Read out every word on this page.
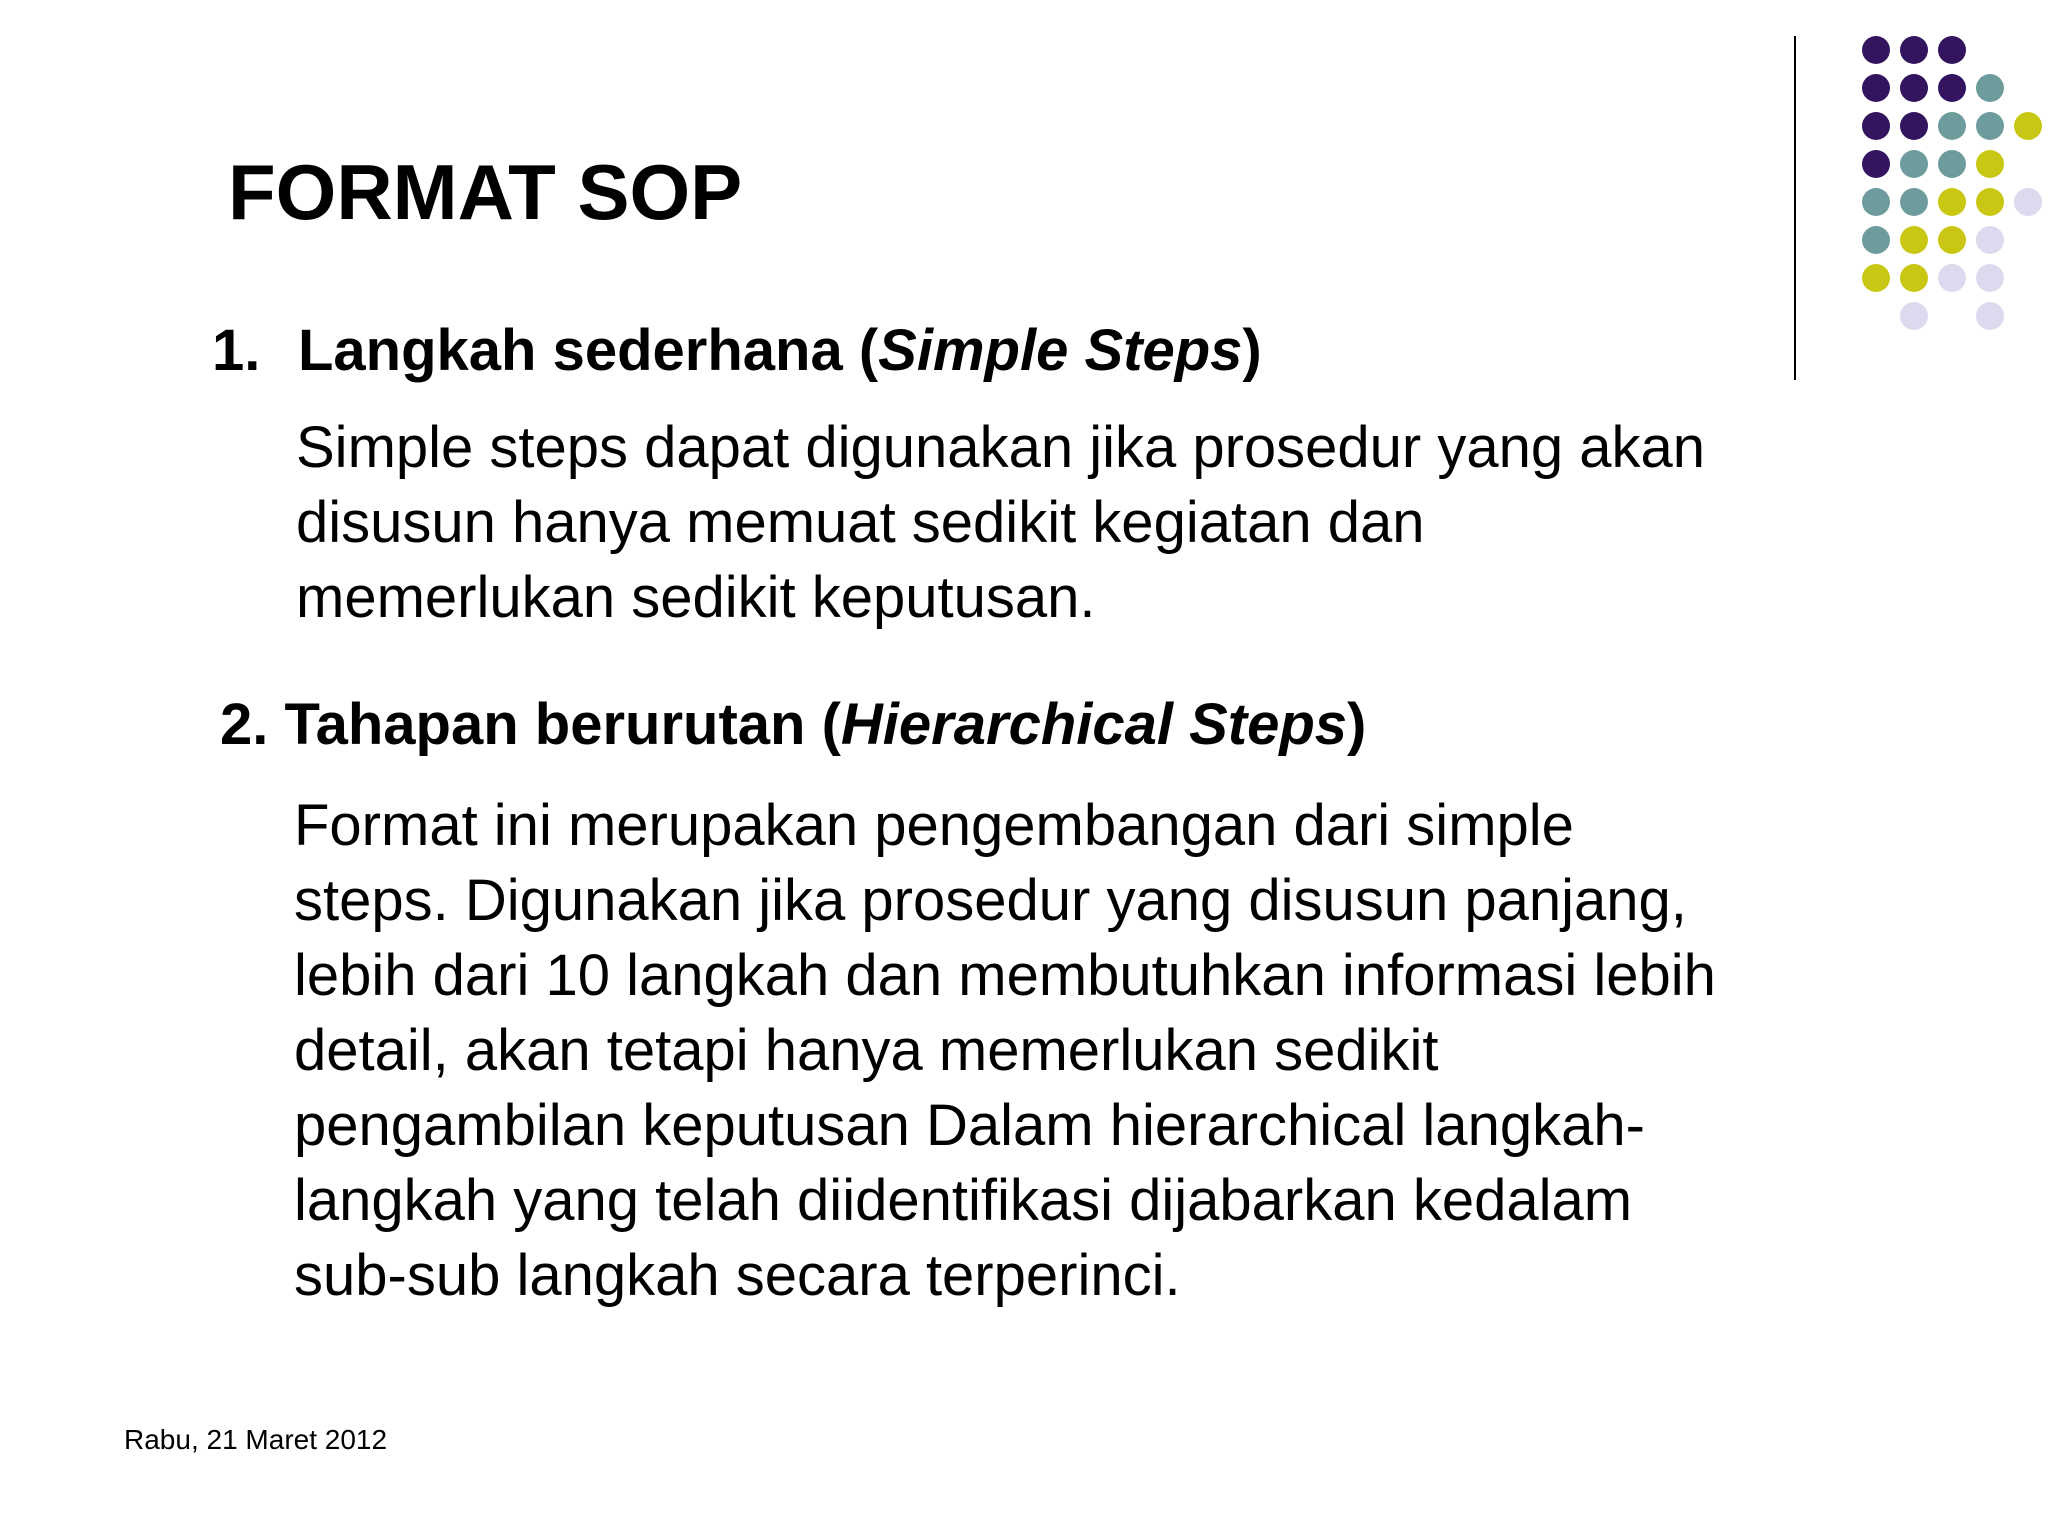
FORMAT SOP
1. Langkah sederhana (Simple Steps)
Simple steps dapat digunakan jika prosedur yang akan
disusun hanya memuat sedikit kegiatan dan
memerlukan sedikit keputusan.
2. Tahapan berurutan (Hierarchical Steps)
Format ini merupakan pengembangan dari simple
steps. Digunakan jika prosedur yang disusun panjang,
lebih dari 10 langkah dan membutuhkan informasi lebih
detail, akan tetapi hanya memerlukan sedikit
pengambilan keputusan Dalam hierarchical langkah-
langkah yang telah diidentifikasi dijabarkan kedalam
sub-sub langkah secara terperinci.
Rabu, 21 Maret 2012
